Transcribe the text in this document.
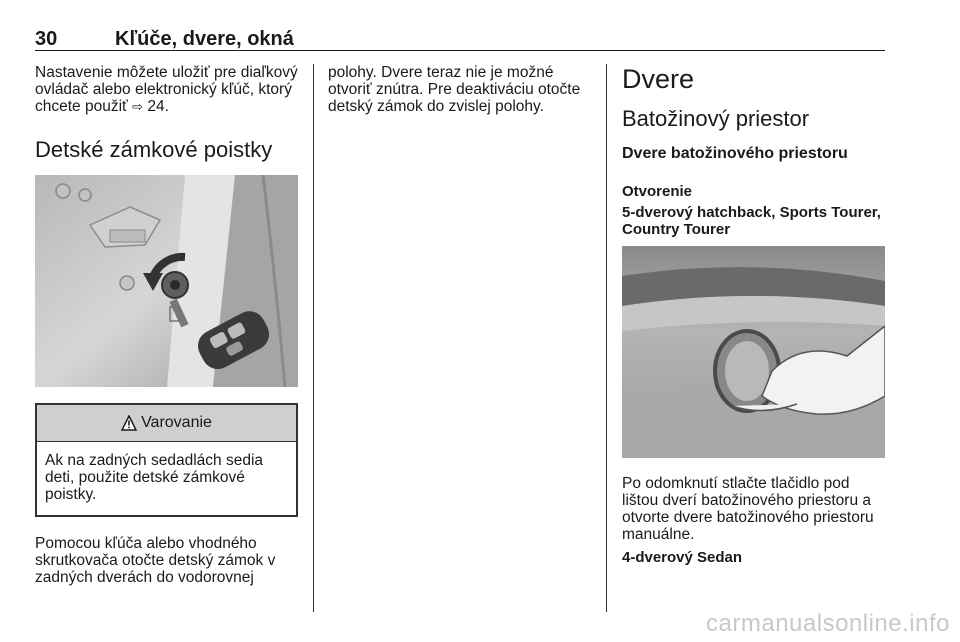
30	Kľúče, dvere, okná

Nastavenie môžete uložiť pre diaľkový ovládač alebo elektronický kľúč, ktorý chcete použiť ⇨ 24.

Detské zámkové poistky
Varovanie
Ak na zadných sedadlách sedia deti, použite detské zámkové poistky.

Pomocou kľúča alebo vhodného skrutkovača otočte detský zámok v zadných dverách do vodorovnej

polohy. Dvere teraz nie je možné otvoriť znútra. Pre deaktiváciu otočte detský zámok do zvislej polohy.

Dvere
Batožinový priestor
Dvere batožinového priestoru
Otvorenie
5-dverový hatchback, Sports Tourer, Country Tourer

Po odomknutí stlačte tlačidlo pod lištou dverí batožinového priestoru a otvorte dvere batožinového priestoru manuálne.

4-dverový Sedan
carmanualsonline.info
